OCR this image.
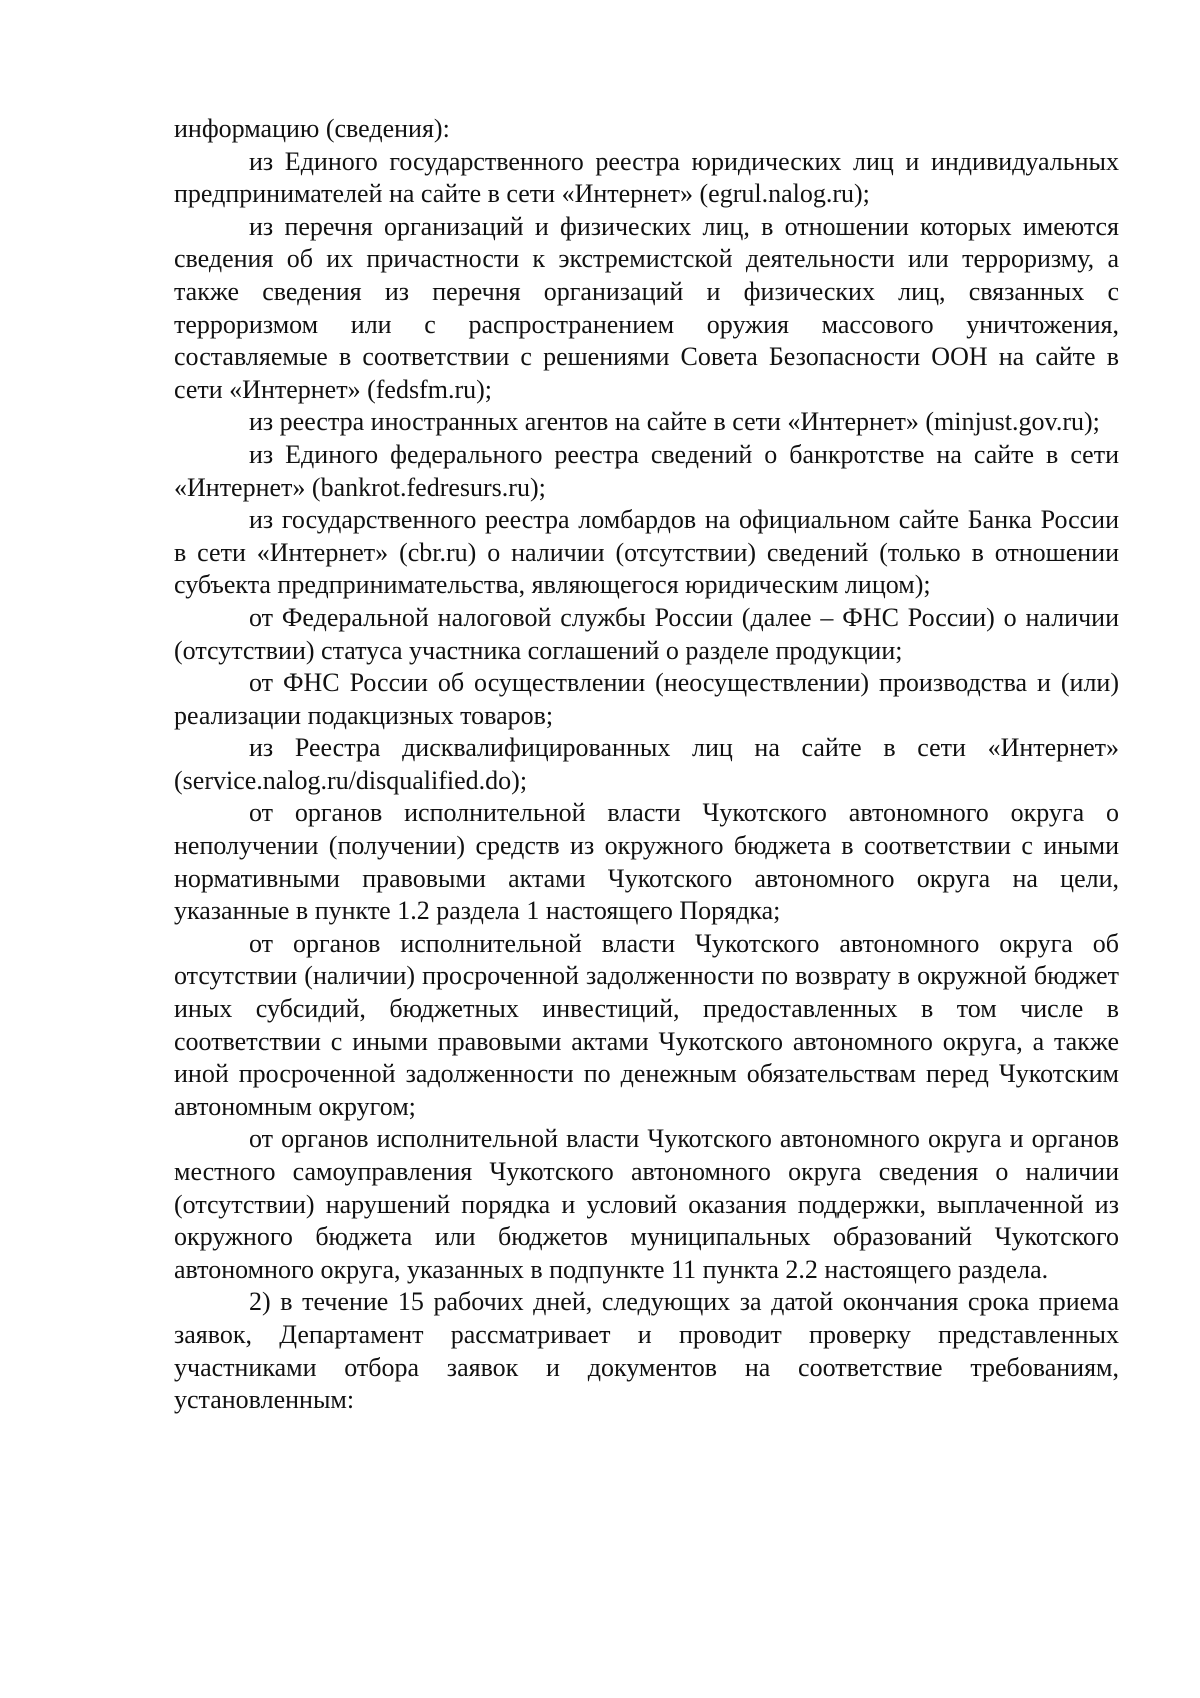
информацию (сведения):

из Единого государственного реестра юридических лиц и индивидуальных предпринимателей на сайте в сети «Интернет» (egrul.nalog.ru);

из перечня организаций и физических лиц, в отношении которых имеются сведения об их причастности к экстремистской деятельности или терроризму, а также сведения из перечня организаций и физических лиц, связанных с терроризмом или с распространением оружия массового уничтожения, составляемые в соответствии с решениями Совета Безопасности ООН на сайте в сети «Интернет» (fedsfm.ru);

из реестра иностранных агентов на сайте в сети «Интернет» (minjust.gov.ru);

из Единого федерального реестра сведений о банкротстве на сайте в сети «Интернет» (bankrot.fedresurs.ru);

из государственного реестра ломбардов на официальном сайте Банка России в сети «Интернет» (cbr.ru) о наличии (отсутствии) сведений (только в отношении субъекта предпринимательства, являющегося юридическим лицом);

от Федеральной налоговой службы России (далее – ФНС России) о наличии (отсутствии) статуса участника соглашений о разделе продукции;

от ФНС России об осуществлении (неосуществлении) производства и (или) реализации подакцизных товаров;

из Реестра дисквалифицированных лиц на сайте в сети «Интернет» (service.nalog.ru/disqualified.do);

от органов исполнительной власти Чукотского автономного округа о неполучении (получении) средств из окружного бюджета в соответствии с иными нормативными правовыми актами Чукотского автономного округа на цели, указанные в пункте 1.2 раздела 1 настоящего Порядка;

от органов исполнительной власти Чукотского автономного округа об отсутствии (наличии) просроченной задолженности по возврату в окружной бюджет иных субсидий, бюджетных инвестиций, предоставленных в том числе в соответствии с иными правовыми актами Чукотского автономного округа, а также иной просроченной задолженности по денежным обязательствам перед Чукотским автономным округом;

от органов исполнительной власти Чукотского автономного округа и органов местного самоуправления Чукотского автономного округа сведения о наличии (отсутствии) нарушений порядка и условий оказания поддержки, выплаченной из окружного бюджета или бюджетов муниципальных образований Чукотского автономного округа, указанных в подпункте 11 пункта 2.2 настоящего раздела.

2) в течение 15 рабочих дней, следующих за датой окончания срока приема заявок, Департамент рассматривает и проводит проверку представленных участниками отбора заявок и документов на соответствие требованиям, установленным:
